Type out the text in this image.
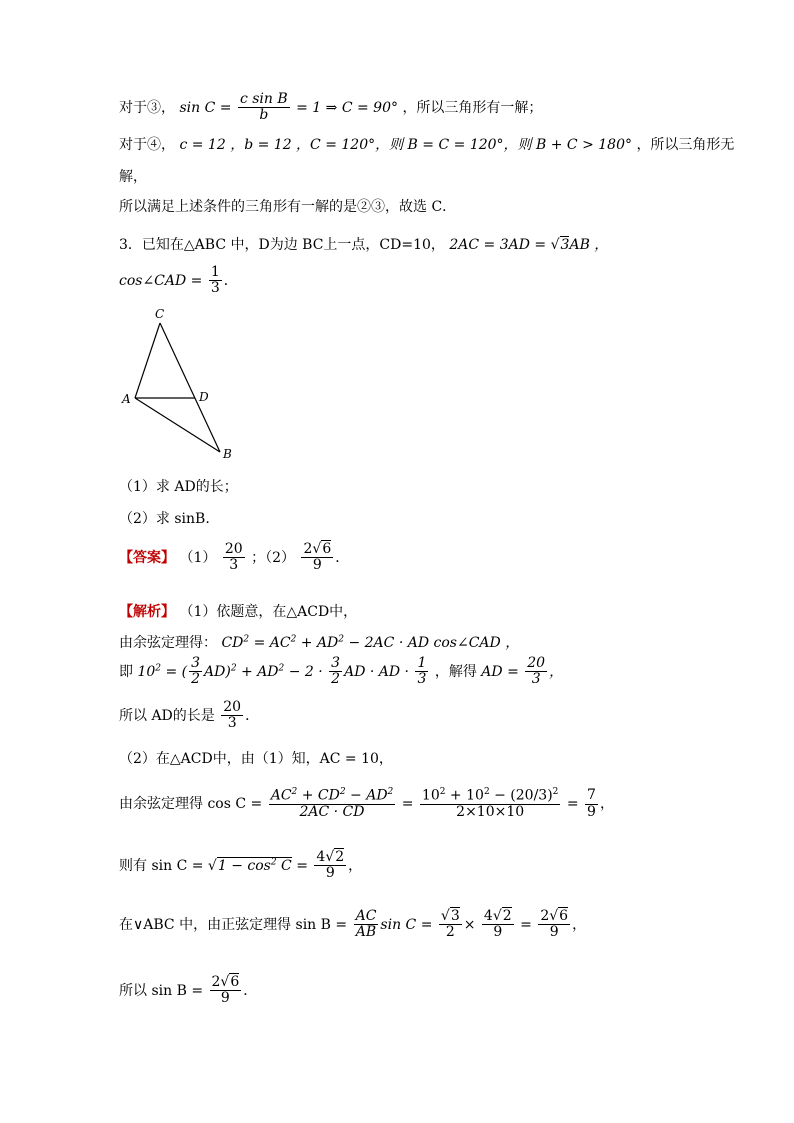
对于③， $\sin C = \frac{\text{c sin B}}{b} = 1$ ⇒ C = 90° ，所以三角形有一解；
对于④， c = 12 ，b = 12 ，C = 120°，则 B = C = 120°，则 B + C > 180° ，所以三角形无
解，
所以满足上述条件的三角形有一解的是②③，故选 C．
3．已知在△ABC 中，D为边 BC上一点，CD=10， 2AC = 3AD = √3AB ，
cos∠CAD = $\frac{1}{3}$ ．
C
A	D
B
（1）求 AD的长；
（2）求 sinB.
【答案】 $(1) \frac{20}{3}$ ；$(2) \frac{2√6}{9}$ ．
【解析】 （1）依题意，在△ACD中，
由余弦定理得： $CD^2 = AC^2 + AD^2 - 2AC$ · AD cos∠CAD ，
即 $10^2$ = ( $\frac{3}{2} AD)^2 + AD^2 - 2 \cdot \frac{3}{2}$ AD · AD · $\frac{1}{3}$ ，解得 AD = $\frac{20}{3}$ ，
所以 AD的长是 $\frac{20}{3}$ ．
（2）在△ACD中，由（1）知，AC = 10，
由余弦定理得 $\cos C = \frac{AC^2 + CD^2 - AD^2}{2AC \cdot CD} = \frac{10^2 + 10^2 - (20/3)^2}{2\times 10\times 10} = \frac{7}{9}$ ，
则有 $\sin C = √1 - \cos^2 C = \frac{4√2}{9}$ ，
在∨ABC 中，由正弦定理得 $\sin B = \frac{AC}{AB}$ $\sin C = \frac{√3}{2} \times \frac{4√2}{9} = \frac{2√6}{9}$ ，
所以 $\sin B = \frac{2√6}{9}$ ．
